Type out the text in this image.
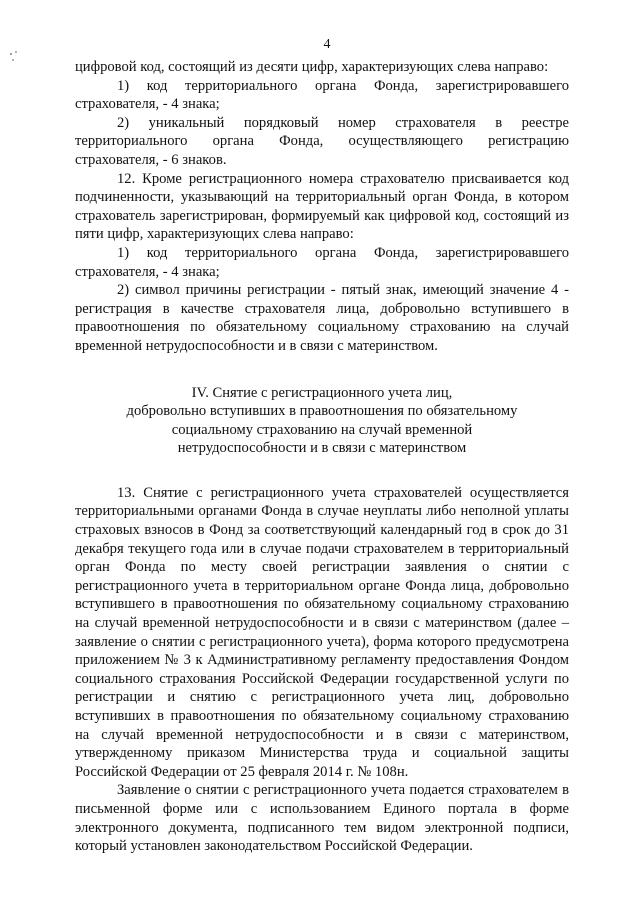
4

цифровой код, состоящий из десяти цифр, характеризующих слева направо:

1) код территориального органа Фонда, зарегистрировавшего страхователя, - 4 знака;

2) уникальный порядковый номер страхователя в реестре территориального органа Фонда, осуществляющего регистрацию страхователя, - 6 знаков.

12. Кроме регистрационного номера страхователю присваивается код подчиненности, указывающий на территориальный орган Фонда, в котором страхователь зарегистрирован, формируемый как цифровой код, состоящий из пяти цифр, характеризующих слева направо:

1) код территориального органа Фонда, зарегистрировавшего страхователя, - 4 знака;

2) символ причины регистрации - пятый знак, имеющий значение 4 - регистрация в качестве страхователя лица, добровольно вступившего в правоотношения по обязательному социальному страхованию на случай временной нетрудоспособности и в связи с материнством.

IV. Снятие с регистрационного учета лиц,
добровольно вступивших в правоотношения по обязательному
социальному страхованию на случай временной
нетрудоспособности и в связи с материнством

13. Снятие с регистрационного учета страхователей осуществляется территориальными органами Фонда в случае неуплаты либо неполной уплаты страховых взносов в Фонд за соответствующий календарный год в срок до 31 декабря текущего года или в случае подачи страхователем в территориальный орган Фонда по месту своей регистрации заявления о снятии с регистрационного учета в территориальном органе Фонда лица, добровольно вступившего в правоотношения по обязательному социальному страхованию на случай временной нетрудоспособности и в связи с материнством (далее – заявление о снятии с регистрационного учета), форма которого предусмотрена приложением № 3 к Административному регламенту предоставления Фондом социального страхования Российской Федерации государственной услуги по регистрации и снятию с регистрационного учета лиц, добровольно вступивших в правоотношения по обязательному социальному страхованию на случай временной нетрудоспособности и в связи с материнством, утвержденному приказом Министерства труда и социальной защиты Российской Федерации от 25 февраля 2014 г. № 108н.

Заявление о снятии с регистрационного учета подается страхователем в письменной форме или с использованием Единого портала в форме электронного документа, подписанного тем видом электронной подписи, который установлен законодательством Российской Федерации.
